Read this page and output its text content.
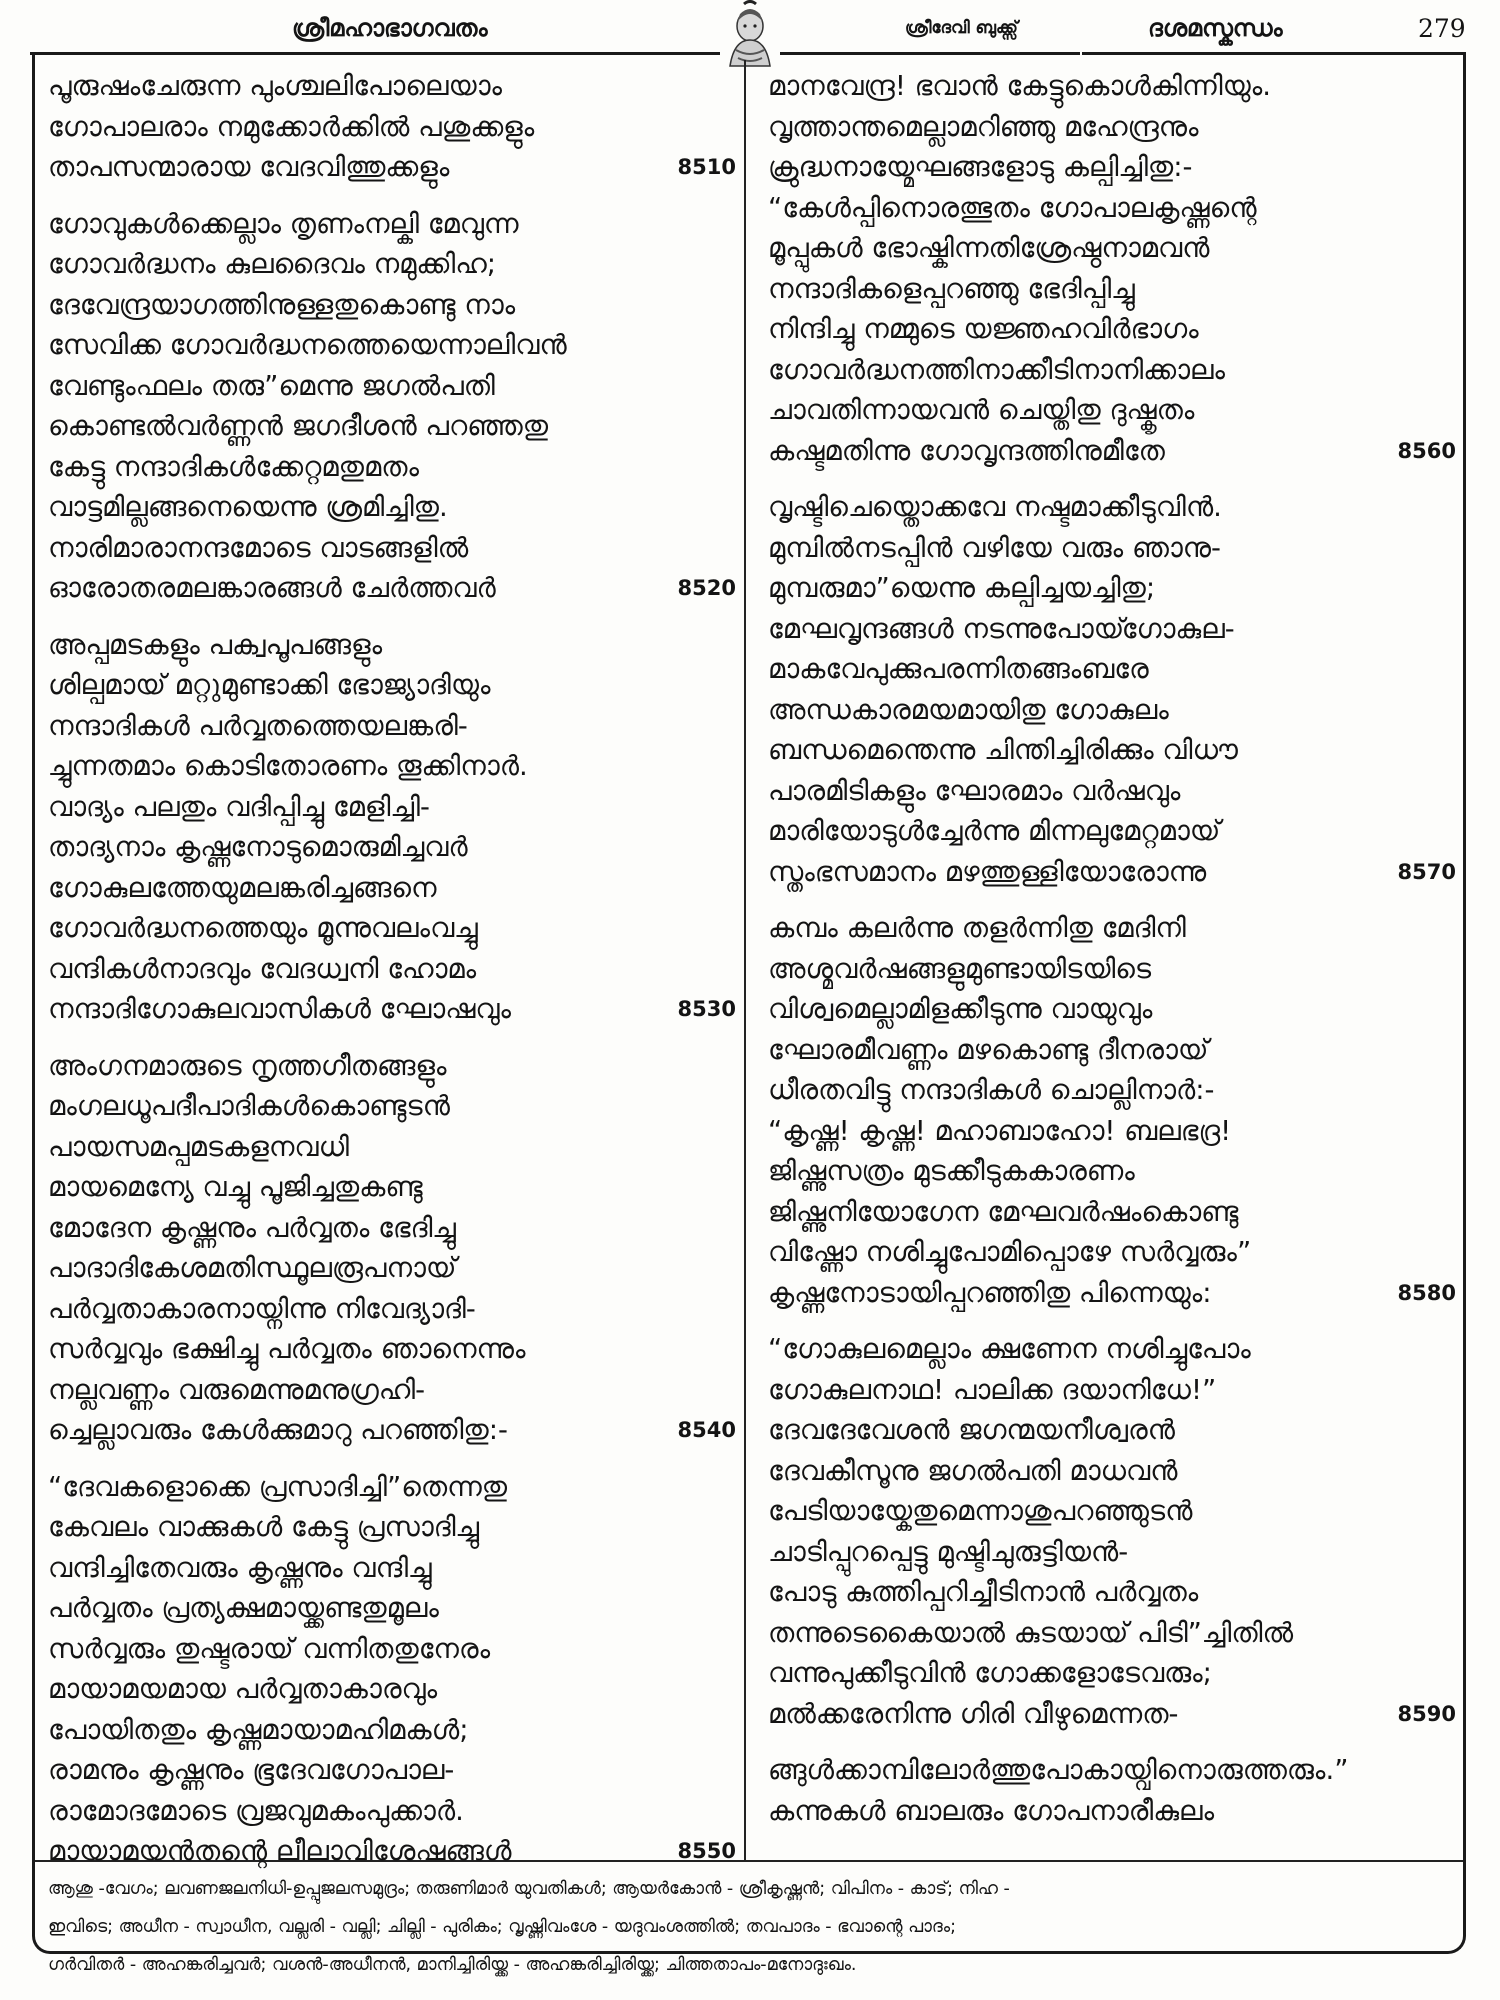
ശ്രീമഹാഭാഗവതം	ശ്രീദേവി ബുക്ക്സ്	ദശമസ്കന്ധം	279
പൂരുഷംചേരുന്ന പുംശ്ചലിപോലെയാം
ഗോപാലരാം നമുക്കോർക്കിൽ പശുക്കളും
താപസന്മാരായ വേദവിത്തുക്കളും	8510
ഗോവുകൾക്കെല്ലാം തൃണംനല്കി മേവുന്ന
ഗോവർദ്ധനം കുലദൈവം നമുക്കിഹ;
ദേവേന്ദ്രയാഗത്തിനുള്ളതുകൊണ്ടു നാം
സേവിക്ക ഗോവർദ്ധനത്തെയെന്നാലിവൻ
വേണ്ടുംഫലം തരു”മെന്നു ജഗൽപതി
കൊണ്ടൽവർണ്ണൻ ജഗദീശൻ പറഞ്ഞതു
കേട്ടു നന്ദാദികൾക്കേറ്റമതുമതം
വാട്ടമില്ലങ്ങനെയെന്നു ശ്രമിച്ചിതു.
നാരിമാരാനന്ദമോടെ വാടങ്ങളിൽ
ഓരോതരമലങ്കാരങ്ങൾ ചേർത്തവർ	8520
അപ്പമടകളും പക്വപൂപങ്ങളും
ശില്പമായ് മറ്റുമുണ്ടാക്കി ഭോജ്യാദിയും
നന്ദാദികൾ പർവ്വതത്തെയലങ്കരി-
ച്ചുന്നതമാം കൊടിതോരണം തൂക്കിനാർ.
വാദ്യം പലതും വദിപ്പിച്ചു മേളിച്ചി-
താദ്യനാം കൃഷ്ണനോടുമൊരുമിച്ചവർ
ഗോകുലത്തേയുമലങ്കരിച്ചങ്ങനെ
ഗോവർദ്ധനത്തെയും മൂന്നുവലംവച്ചു
വന്ദികൾനാദവും വേദധ്വനി ഹോമം
നന്ദാദിഗോകുലവാസികൾ ഘോഷവും	8530
അംഗനമാരുടെ നൃത്തഗീതങ്ങളും
മംഗലധൂപദീപാദികൾകൊണ്ടുടൻ
പായസമപ്പമടകളനവധി
മായമെന്യേ വച്ചു പൂജിച്ചതുകണ്ടു
മോദേന കൃഷ്ണനും പർവ്വതം ഭേദിച്ചു
പാദാദികേശമതിസ്ഥൂലരൂപനായ്
പർവ്വതാകാരനായ്നിന്നു നിവേദ്യാദി-
സർവ്വവും ഭക്ഷിച്ചു പർവ്വതം ഞാനെന്നും
നല്ലവണ്ണം വരുമെന്നുമനുഗ്രഹി-
ച്ചെല്ലാവരും കേൾക്കുമാറു പറഞ്ഞിതു:-	8540
“ദേവകളൊക്കെ പ്രസാദിച്ചി”തെന്നതു
കേവലം വാക്കുകൾ കേട്ടു പ്രസാദിച്ചു
വന്ദിച്ചിതേവരും കൃഷ്ണനും വന്ദിച്ചു
പർവ്വതം പ്രത്യക്ഷമായ്ക്കണ്ടതുമൂലം
സർവ്വരും തുഷ്ടരായ് വന്നിതതുനേരം
മായാമയമായ പർവ്വതാകാരവും
പോയിതതും കൃഷ്ണമായാമഹിമകൾ;
രാമനും കൃഷ്ണനും ഭൂദേവഗോപാല-
രാമോദമോടെ വ്രജവുമകംപുക്കാർ.
മായാമയൻതന്റെ ലീലാവിശേഷങ്ങൾ	8550
മാനവേന്ദ്ര! ഭവാൻ കേട്ടുകൊൾകിന്നിയും.
വൃത്താന്തമെല്ലാമറിഞ്ഞു മഹേന്ദ്രനും
ക്രുദ്ധനായ്മേഘങ്ങളോടു കല്പിച്ചിതു:-
“കേൾപ്പിനൊരത്ഭുതം ഗോപാലകൃഷ്ണന്റെ
മൂപ്പുകൾ ഭോഷ്കിന്നതിശ്രേഷ്ഠനാമവൻ
നന്ദാദികളെപ്പറഞ്ഞു ഭേദിപ്പിച്ചു
നിന്ദിച്ചു നമ്മുടെ യജ്ഞഹവിർഭാഗം
ഗോവർദ്ധനത്തിനാക്കീടിനാനിക്കാലം
ചാവതിന്നായവൻ ചെയ്തിതു ദുഷ്കൃതം
കഷ്ടമതിന്നു ഗോവൃന്ദത്തിനുമീതേ	8560
വൃഷ്ടിചെയ്തൊക്കവേ നഷ്ടമാക്കീടുവിൻ.
മുമ്പിൽനടപ്പിൻ വഴിയേ വരും ഞാനു-
മുമ്പരുമാ”യെന്നു കല്പിച്ചയച്ചിതു;
മേഘവൃന്ദങ്ങൾ നടന്നുപോയ്ഗോകുല-
മാകവേപുക്കുപരന്നിതങ്ങംബരേ
അന്ധകാരമയമായിതു ഗോകുലം
ബന്ധമെന്തെന്നു ചിന്തിച്ചിരിക്കും വിധൗ
പാരമിടികളും ഘോരമാം വർഷവും
മാരിയോടുൾച്ചേർന്നു മിന്നലുമേറ്റമായ്
സ്തംഭസമാനം മഴത്തുള്ളിയോരോന്നു	8570
കമ്പം കലർന്നു തളർന്നിതു മേദിനി
അശ്മവർഷങ്ങളുമുണ്ടായിടയിടെ
വിശ്വമെല്ലാമിളക്കീടുന്നു വായുവും
ഘോരമീവണ്ണം മഴകൊണ്ടു ദീനരായ്
ധീരതവിട്ടു നന്ദാദികൾ ചൊല്ലിനാർ:-
“കൃഷ്ണ! കൃഷ്ണ! മഹാബാഹോ! ബലഭദ്ര!
ജിഷ്ണുസത്രം മുടക്കീടുകകാരണം
ജിഷ്ണുനിയോഗേന മേഘവർഷംകൊണ്ടു
വിഷ്ണോ നശിച്ചുപോമിപ്പൊഴേ സർവ്വരും”
കൃഷ്ണനോടായിപ്പറഞ്ഞിതു പിന്നെയും:	8580
“ഗോകുലമെല്ലാം ക്ഷണേന നശിച്ചുപോം
ഗോകുലനാഥ! പാലിക്ക ദയാനിധേ!”
ദേവദേവേശൻ ജഗന്മയനീശ്വരൻ
ദേവകീസൂനു ജഗൽപതി മാധവൻ
പേടിയായ്കേതുമെന്നാശുപറഞ്ഞുടൻ
ചാടിപ്പുറപ്പെട്ടു മുഷ്ടിചുരുട്ടിയൻ-
പോടു കുത്തിപ്പറിച്ചീടിനാൻ പർവ്വതം
തന്നുടെകൈയാൽ കുടയായ് പിടി”ച്ചിതിൽ
വന്നുപുക്കീടുവിൻ ഗോക്കളോടേവരും;
മൽക്കരേനിന്നു ഗിരി വീഴുമെന്നത-	8590
ങ്ങുൾക്കാമ്പിലോർത്തുപോകായ്വിനൊരുത്തരും.”
കന്നുകൾ ബാലരും ഗോപനാരീകുലം
ആശു -വേഗം; ലവണജലനിധി-ഉപ്പുജലസമുദ്രം; തരുണിമാർ യുവതികൾ; ആയർകോൻ - ശ്രീകൃഷ്ണൻ; വിപിനം - കാട്; നിഹ -
ഇവിടെ; അധീന - സ്വാധീന, വല്ലരി - വല്ലി; ചില്ലി - പുരികം; വൃഷ്ണിവംശേ - യദുവംശത്തിൽ; തവപാദം - ഭവാന്റെ പാദം;
ഗർവിതർ - അഹങ്കരിച്ചവർ; വശൻ-അധീനൻ, മാനിച്ചിരിയ്ക്ക - അഹങ്കരിച്ചിരിയ്ക്ക; ചിത്തതാപം-മനോദുഃഖം.
